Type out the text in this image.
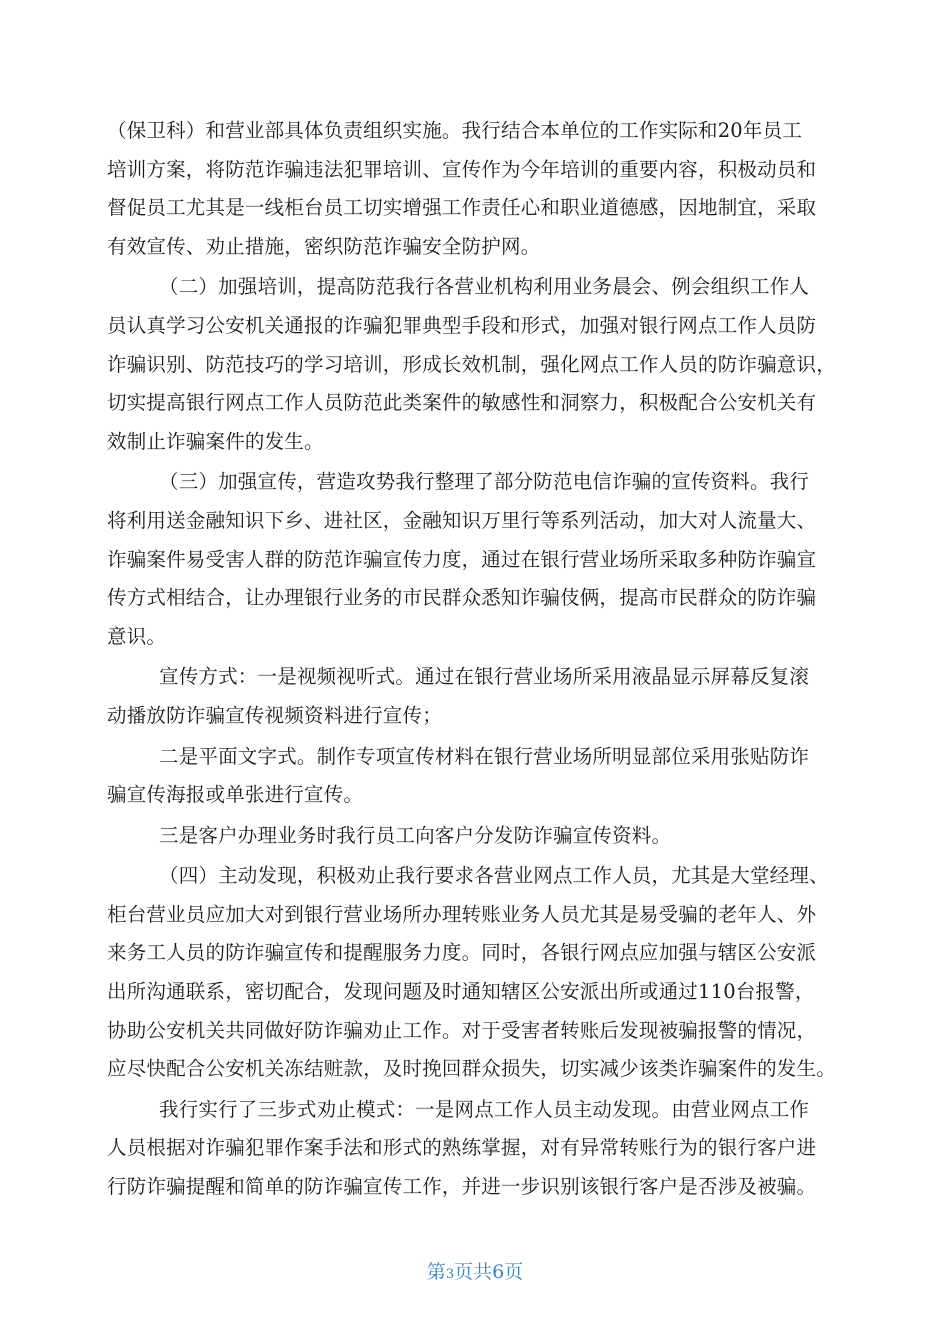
（保卫科）和营业部具体负责组织实施。我行结合本单位的工作实际和20年员工
培训方案，将防范诈骗违法犯罪培训、宣传作为今年培训的重要内容，积极动员和
督促员工尤其是一线柜台员工切实增强工作责任心和职业道德感，因地制宜，采取
有效宣传、劝止措施，密织防范诈骗安全防护网。
（二）加强培训，提高防范我行各营业机构利用业务晨会、例会组织工作人
员认真学习公安机关通报的诈骗犯罪典型手段和形式，加强对银行网点工作人员防
诈骗识别、防范技巧的学习培训，形成长效机制，强化网点工作人员的防诈骗意识，
切实提高银行网点工作人员防范此类案件的敏感性和洞察力，积极配合公安机关有
效制止诈骗案件的发生。
（三）加强宣传，营造攻势我行整理了部分防范电信诈骗的宣传资料。我行
将利用送金融知识下乡、进社区，金融知识万里行等系列活动，加大对人流量大、
诈骗案件易受害人群的防范诈骗宣传力度，通过在银行营业场所采取多种防诈骗宣
传方式相结合，让办理银行业务的市民群众悉知诈骗伎俩，提高市民群众的防诈骗
意识。
宣传方式：一是视频视听式。通过在银行营业场所采用液晶显示屏幕反复滚
动播放防诈骗宣传视频资料进行宣传；
二是平面文字式。制作专项宣传材料在银行营业场所明显部位采用张贴防诈
骗宣传海报或单张进行宣传。
三是客户办理业务时我行员工向客户分发防诈骗宣传资料。
（四）主动发现，积极劝止我行要求各营业网点工作人员，尤其是大堂经理、
柜台营业员应加大对到银行营业场所办理转账业务人员尤其是易受骗的老年人、外
来务工人员的防诈骗宣传和提醒服务力度。同时，各银行网点应加强与辖区公安派
出所沟通联系，密切配合，发现问题及时通知辖区公安派出所或通过110台报警，
协助公安机关共同做好防诈骗劝止工作。对于受害者转账后发现被骗报警的情况，
应尽快配合公安机关冻结赃款，及时挽回群众损失，切实减少该类诈骗案件的发生。
我行实行了三步式劝止模式：一是网点工作人员主动发现。由营业网点工作
人员根据对诈骗犯罪作案手法和形式的熟练掌握，对有异常转账行为的银行客户进
行防诈骗提醒和简单的防诈骗宣传工作，并进一步识别该银行客户是否涉及被骗。
第3页共6页
